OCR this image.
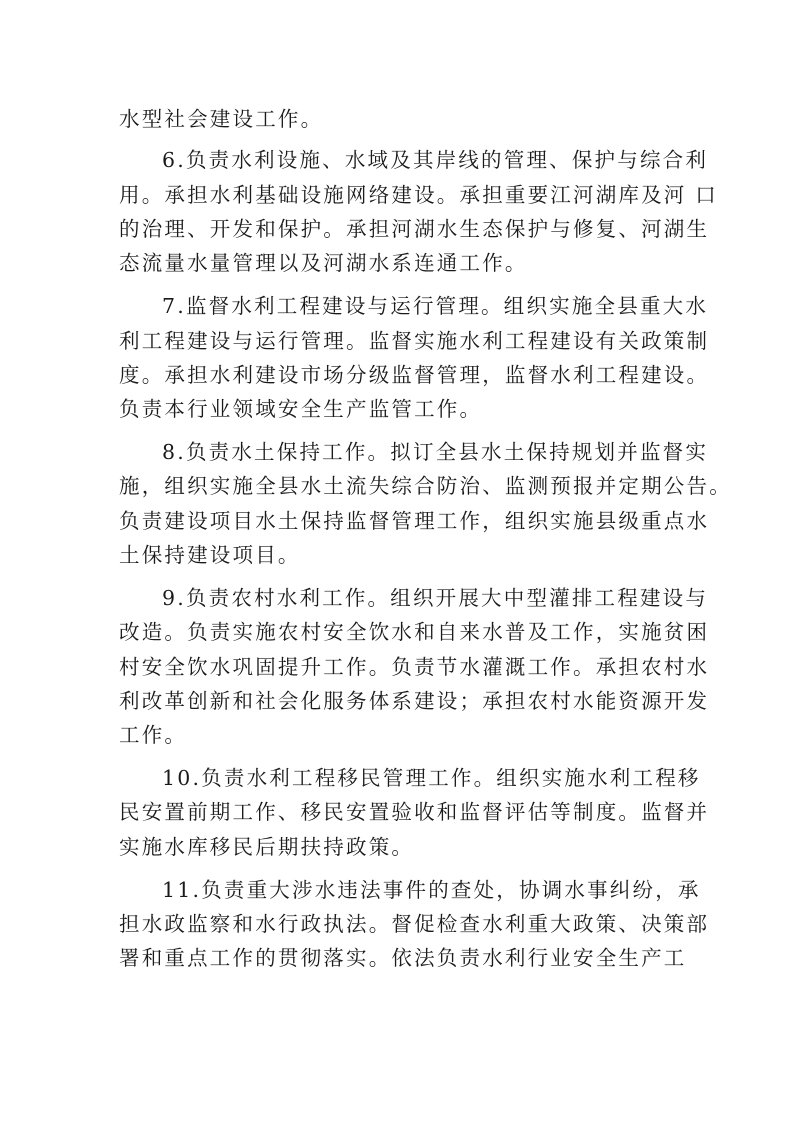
水型社会建设工作。
6.负责水利设施、水域及其岸线的管理、保护与综合利
用。承担水利基础设施网络建设。承担重要江河湖库及河 口
的治理、开发和保护。承担河湖水生态保护与修复、河湖生
态流量水量管理以及河湖水系连通工作。
7.监督水利工程建设与运行管理。组织实施全县重大水
利工程建设与运行管理。监督实施水利工程建设有关政策制
度。承担水利建设市场分级监督管理，监督水利工程建设。
负责本行业领域安全生产监管工作。
8.负责水土保持工作。拟订全县水土保持规划并监督实
施，组织实施全县水土流失综合防治、监测预报并定期公告。
负责建设项目水土保持监督管理工作，组织实施县级重点水
土保持建设项目。
9.负责农村水利工作。组织开展大中型灌排工程建设与
改造。负责实施农村安全饮水和自来水普及工作，实施贫困
村安全饮水巩固提升工作。负责节水灌溉工作。承担农村水
利改革创新和社会化服务体系建设；承担农村水能资源开发
工作。
10.负责水利工程移民管理工作。组织实施水利工程移
民安置前期工作、移民安置验收和监督评估等制度。监督并
实施水库移民后期扶持政策。
11.负责重大涉水违法事件的查处，协调水事纠纷，承
担水政监察和水行政执法。督促检查水利重大政策、决策部
署和重点工作的贯彻落实。依法负责水利行业安全生产工
